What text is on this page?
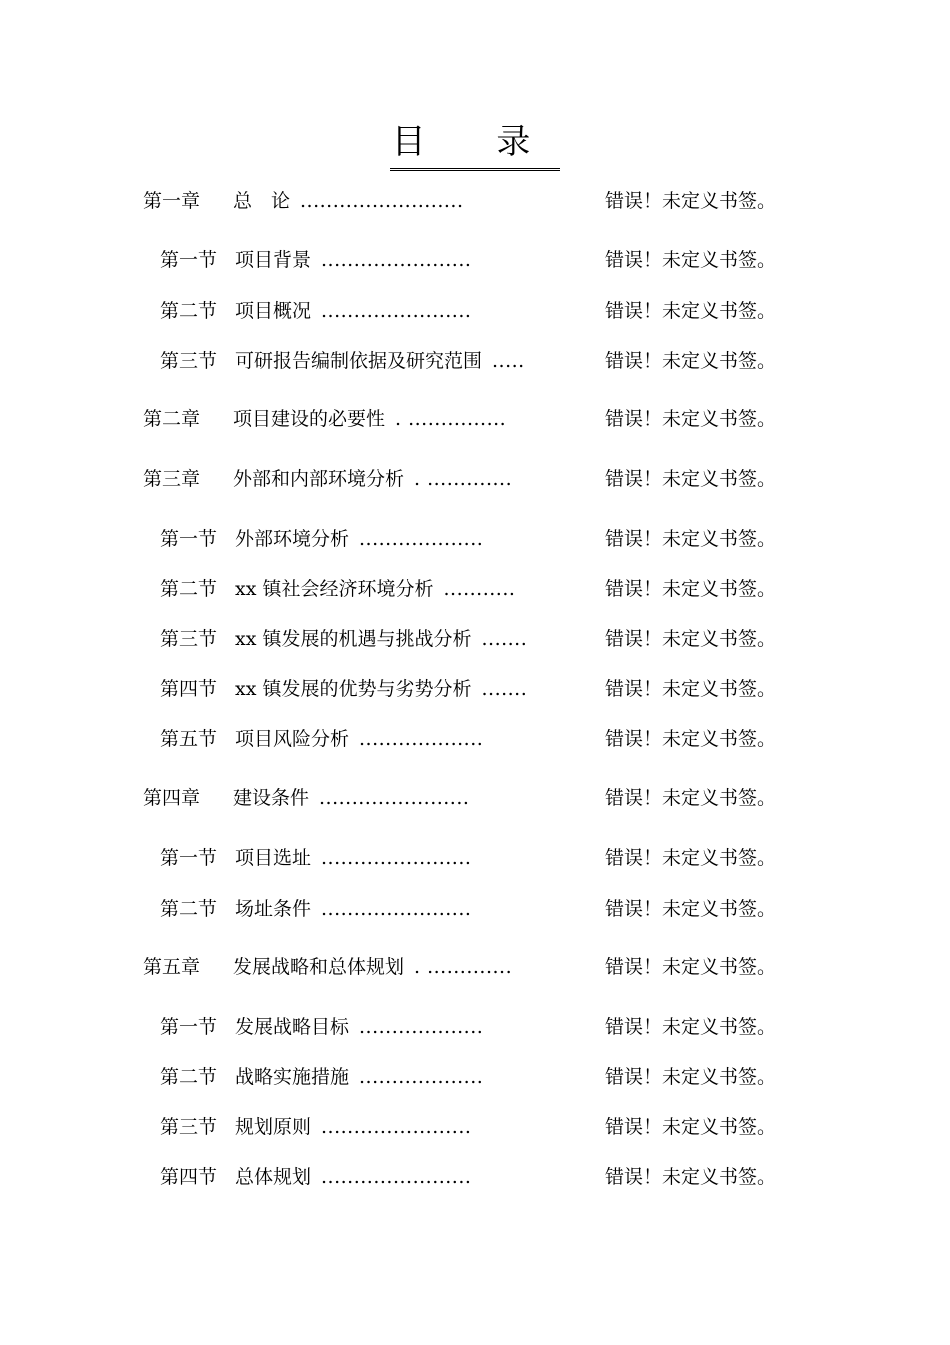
目 录
第一章 总　论 .........................	错误！未定义书签。
第一节 项目背景 .......................	错误！未定义书签。
第二节 项目概况 .......................	错误！未定义书签。
第三节 可研报告编制依据及研究范围 .....	错误！未定义书签。
第二章 项目建设的必要性 . ...............	错误！未定义书签。
第三章 外部和内部环境分析 . .............	错误！未定义书签。
第一节 外部环境分析 ...................	错误！未定义书签。
第二节 xx 镇社会经济环境分析 ...........	错误！未定义书签。
第三节 xx 镇发展的机遇与挑战分析 .......	错误！未定义书签。
第四节 xx 镇发展的优势与劣势分析 .......	错误！未定义书签。
第五节 项目风险分析 ...................	错误！未定义书签。
第四章 建设条件 .......................	错误！未定义书签。
第一节 项目选址 .......................	错误！未定义书签。
第二节 场址条件 .......................	错误！未定义书签。
第五章 发展战略和总体规划 . .............	错误！未定义书签。
第一节 发展战略目标 ...................	错误！未定义书签。
第二节 战略实施措施 ...................	错误！未定义书签。
第三节 规划原则 .......................	错误！未定义书签。
第四节 总体规划 .......................	错误！未定义书签。
